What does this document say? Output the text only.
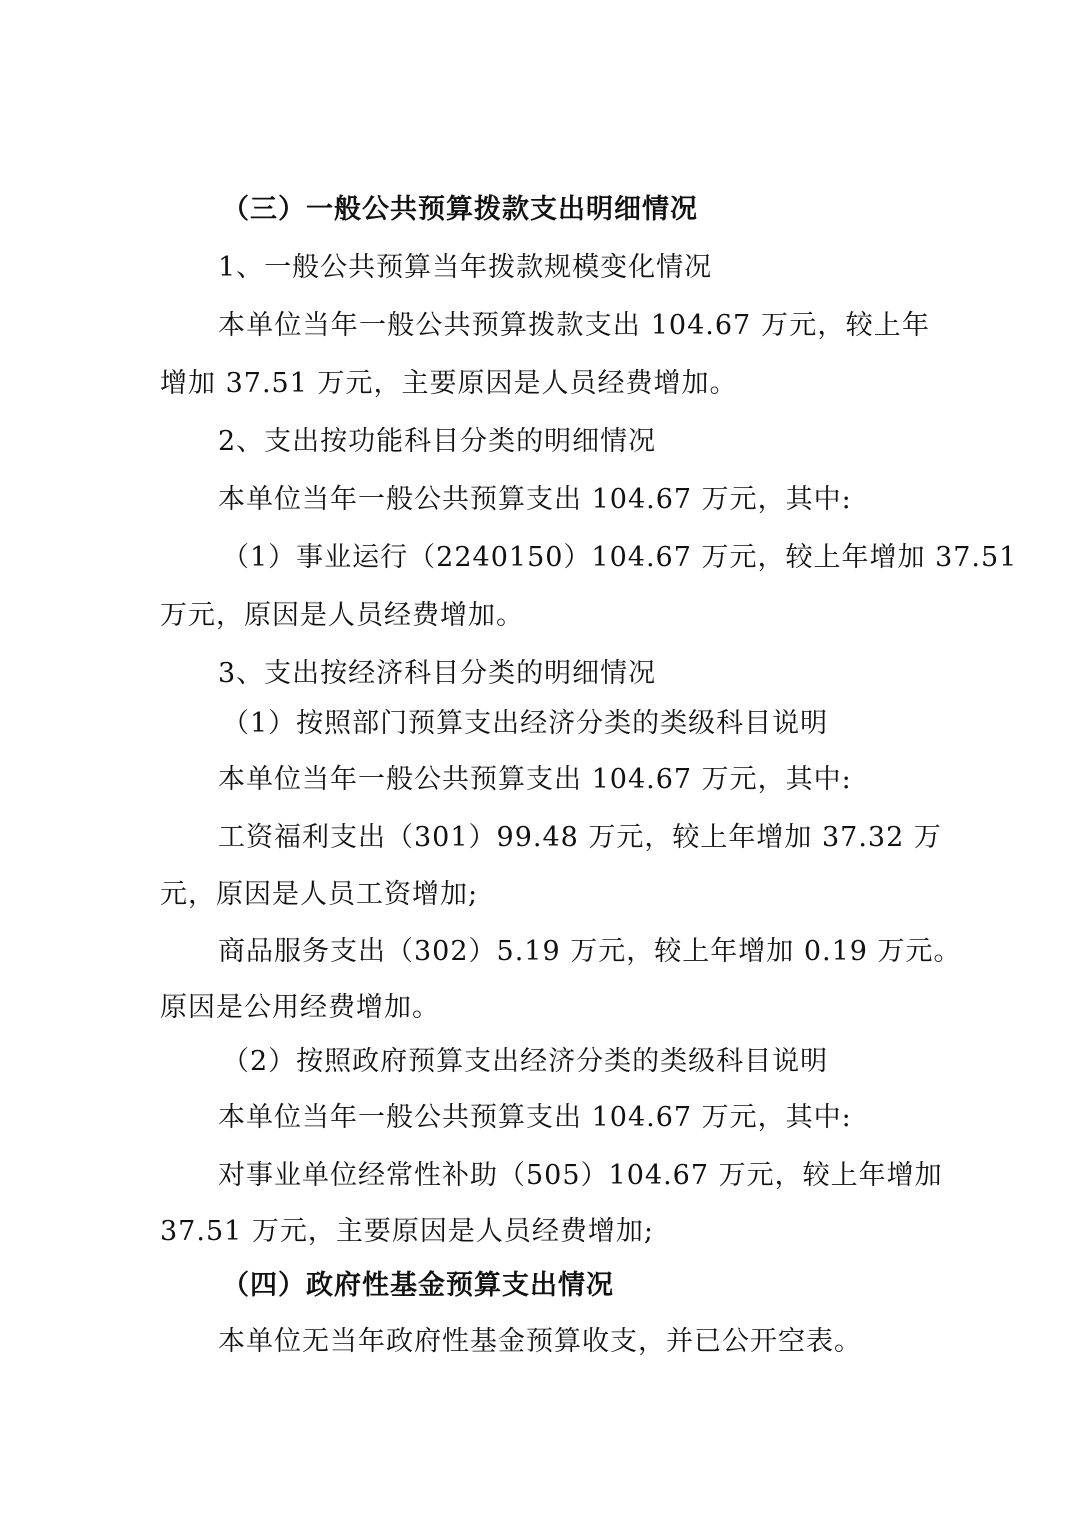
（三）一般公共预算拨款支出明细情况
1、一般公共预算当年拨款规模变化情况
本单位当年一般公共预算拨款支出 104.67 万元，较上年
增加 37.51 万元，主要原因是人员经费增加。
2、支出按功能科目分类的明细情况
本单位当年一般公共预算支出 104.67 万元，其中:
（1）事业运行（2240150）104.67 万元，较上年增加 37.51
万元，原因是人员经费增加。
3、支出按经济科目分类的明细情况
（1）按照部门预算支出经济分类的类级科目说明
本单位当年一般公共预算支出 104.67 万元，其中:
工资福利支出（301）99.48 万元，较上年增加 37.32 万
元，原因是人员工资增加;
商品服务支出（302）5.19 万元，较上年增加 0.19 万元。
原因是公用经费增加。
（2）按照政府预算支出经济分类的类级科目说明
本单位当年一般公共预算支出 104.67 万元，其中:
对事业单位经常性补助（505）104.67 万元，较上年增加
37.51 万元，主要原因是人员经费增加;
（四）政府性基金预算支出情况
本单位无当年政府性基金预算收支，并已公开空表。
